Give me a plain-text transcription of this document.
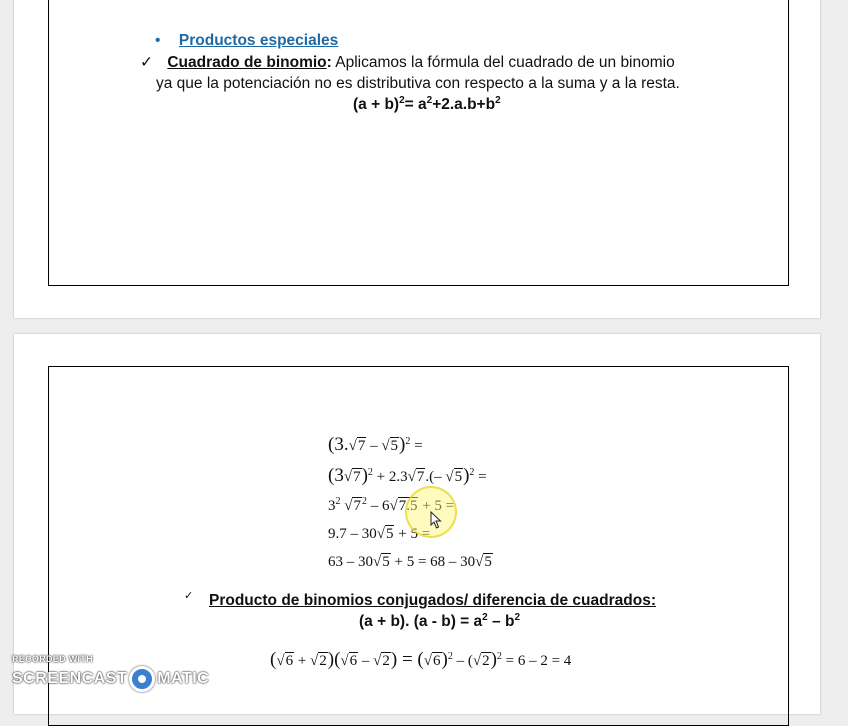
• Productos especiales
✓ Cuadrado de binomio: Aplicamos la fórmula del cuadrado de un binomio
ya que la potenciación no es distributiva con respecto a la suma y a la resta.
$(a + b)^2= a^2+2.a.b+b^2$
(3.√7 – √5)$^2$ =
$(3√7)^2 + 2.3√7.(-$ √5)$^2$ =
$3^2$ $√7^2 - 6√7.5 + 5$ =
9.7 – 30√5 + 5 =
63 – 30√5 + 5 = 68 – 30√5
✓ Producto de binomios conjugados/ diferencia de cuadrados:
(a + b). $(a - b) = a^2 - b^2$
$(√6 + √2)(√6 - √2) = (√6)^2 - (√2)^2 = 6 - 2 = 4$
RECORDED WITH
SCREENCAST MATIC
